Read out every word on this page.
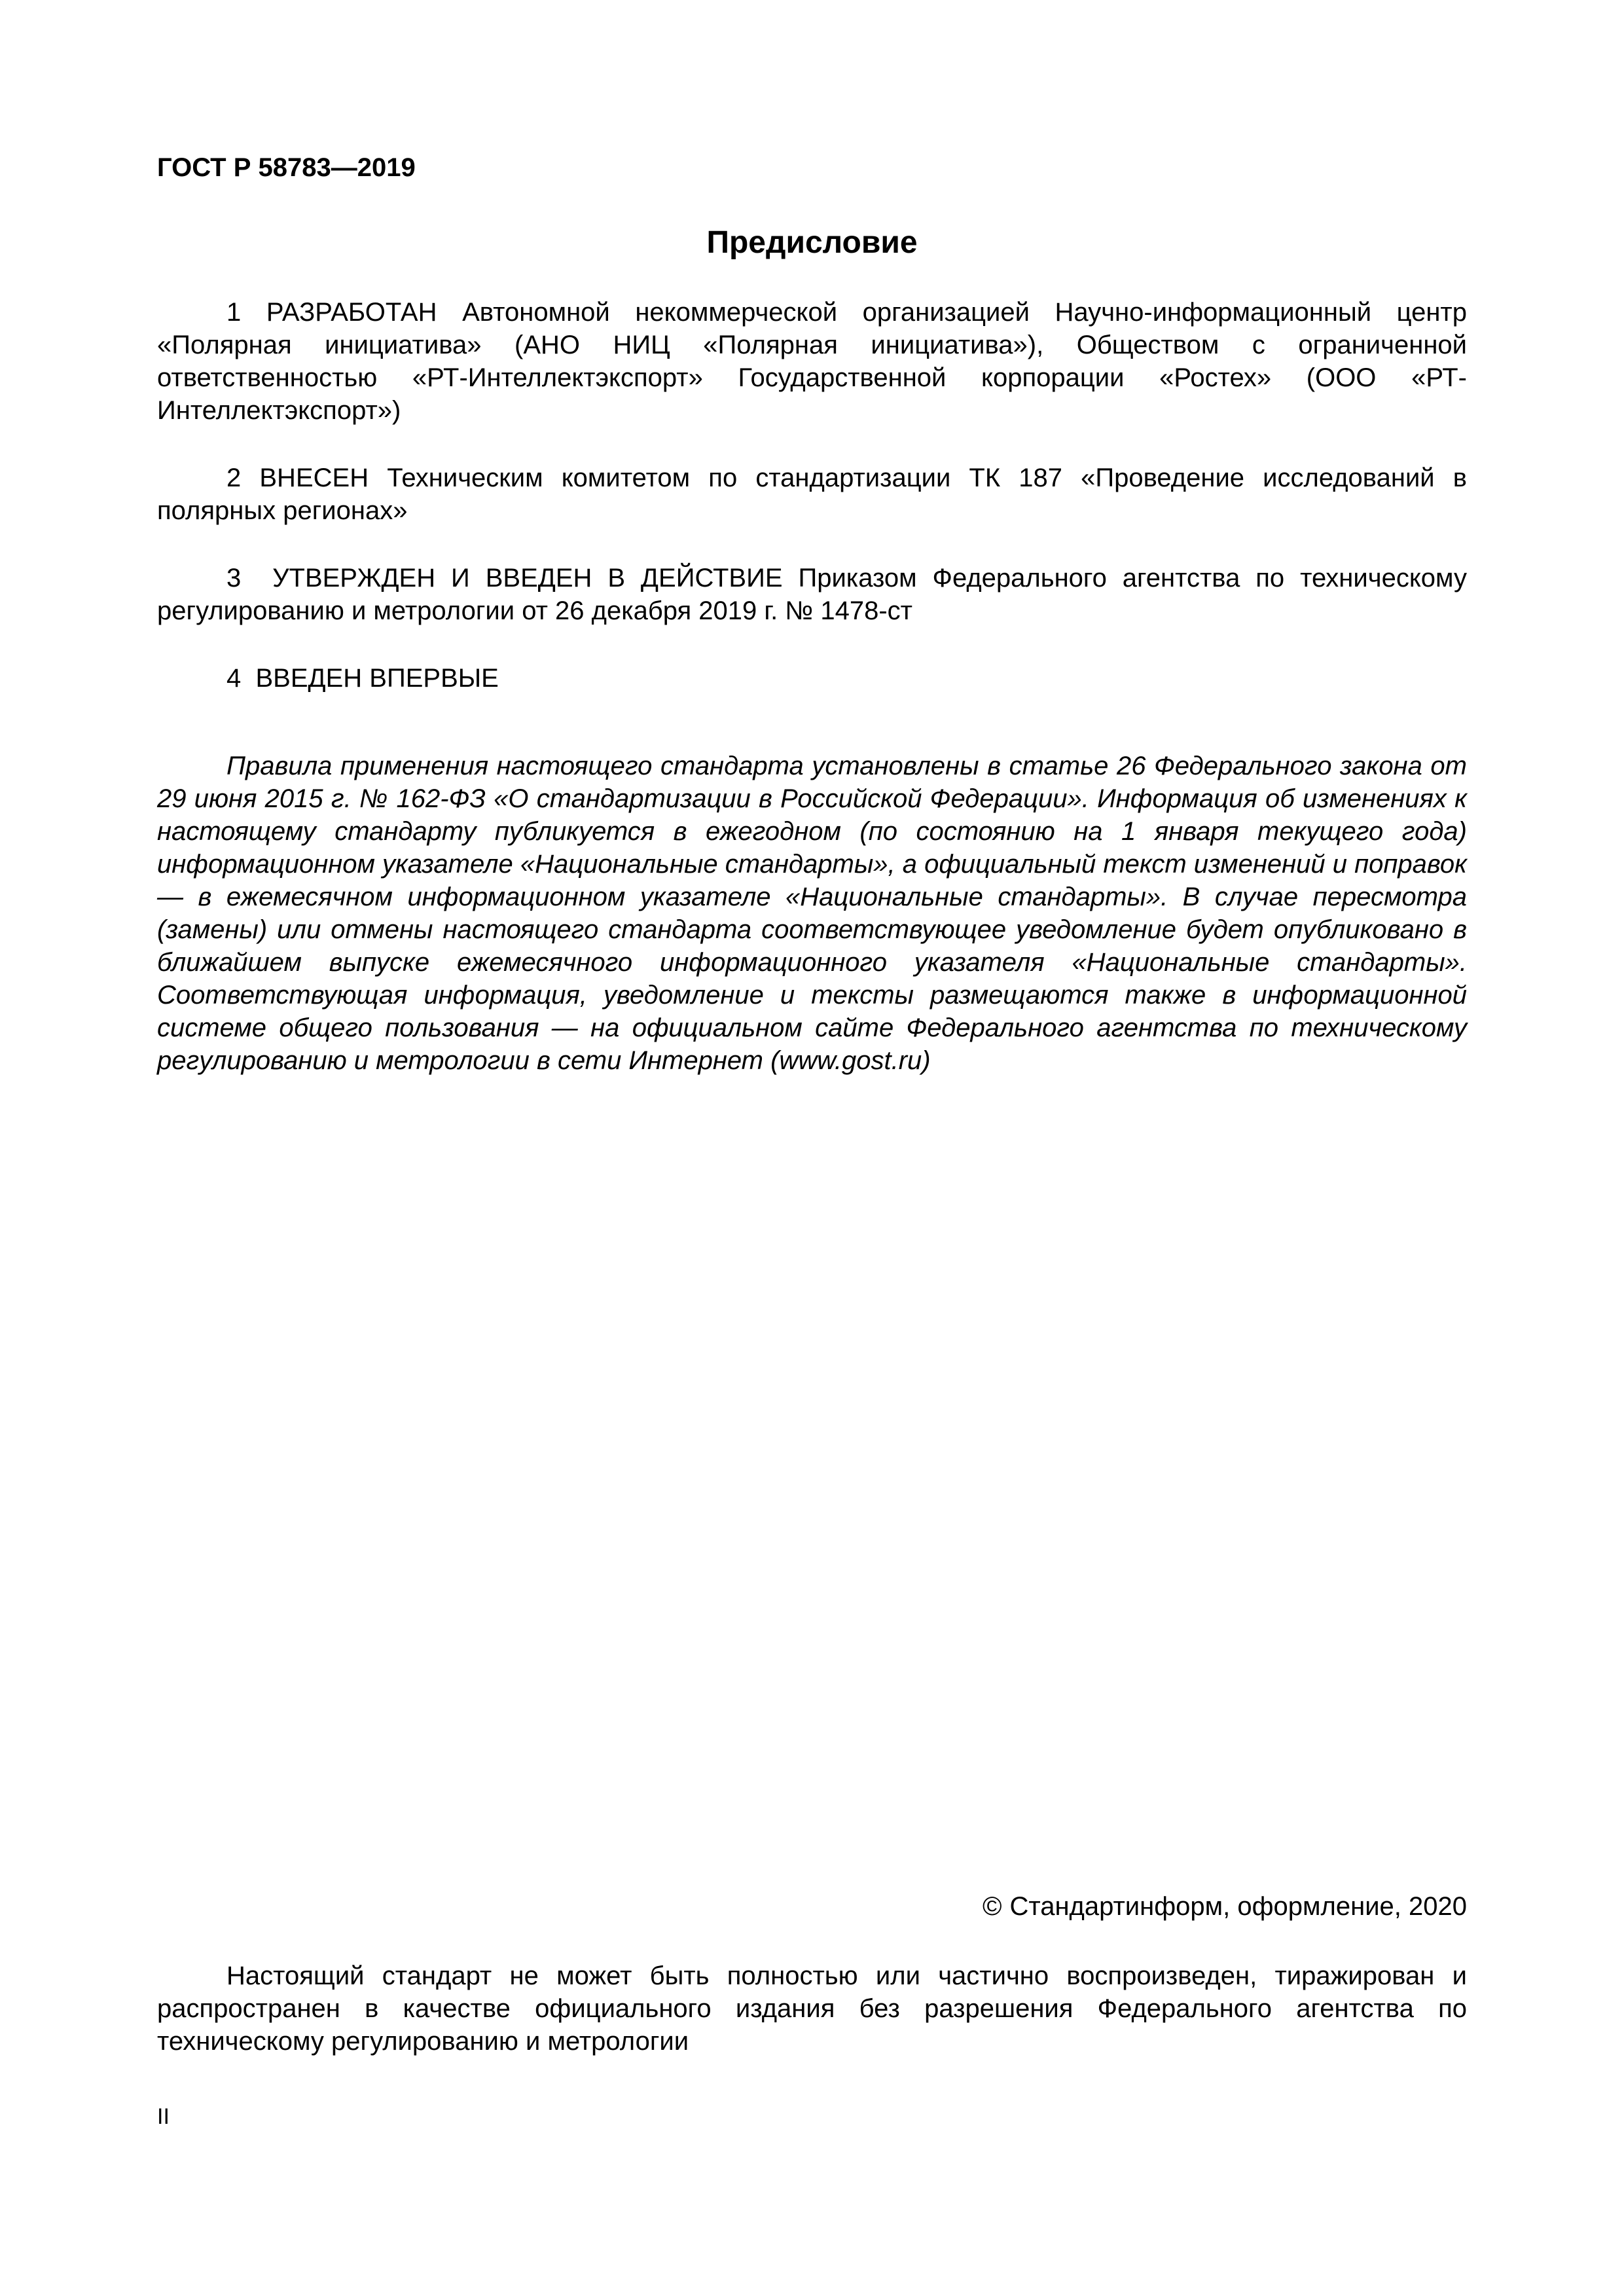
ГОСТ Р 58783—2019
Предисловие

1 РАЗРАБОТАН Автономной некоммерческой организацией Научно-информационный центр «Полярная инициатива» (АНО НИЦ «Полярная инициатива»), Обществом с ограниченной ответственностью «РТ-Интеллектэкспорт» Государственной корпорации «Ростех» (ООО «РТ-Интеллектэкспорт»)

2 ВНЕСЕН Техническим комитетом по стандартизации ТК 187 «Проведение исследований в полярных регионах»

3 УТВЕРЖДЕН И ВВЕДЕН В ДЕЙСТВИЕ Приказом Федерального агентства по техническому регулированию и метрологии от 26 декабря 2019 г. № 1478-ст

4 ВВЕДЕН ВПЕРВЫЕ

Правила применения настоящего стандарта установлены в статье 26 Федерального закона от 29 июня 2015 г. № 162-ФЗ «О стандартизации в Российской Федерации». Информация об изменениях к настоящему стандарту публикуется в ежегодном (по состоянию на 1 января текущего года) информационном указателе «Национальные стандарты», а официальный текст изменений и поправок — в ежемесячном информационном указателе «Национальные стандарты». В случае пересмотра (замены) или отмены настоящего стандарта соответствующее уведомление будет опубликовано в ближайшем выпуске ежемесячного информационного указателя «Национальные стандарты». Соответствующая информация, уведомление и тексты размещаются также в информационной системе общего пользования — на официальном сайте Федерального агентства по техническому регулированию и метрологии в сети Интернет (www.gost.ru)

© Стандартинформ, оформление, 2020

Настоящий стандарт не может быть полностью или частично воспроизведен, тиражирован и распространен в качестве официального издания без разрешения Федерального агентства по техническому регулированию и метрологии

II
